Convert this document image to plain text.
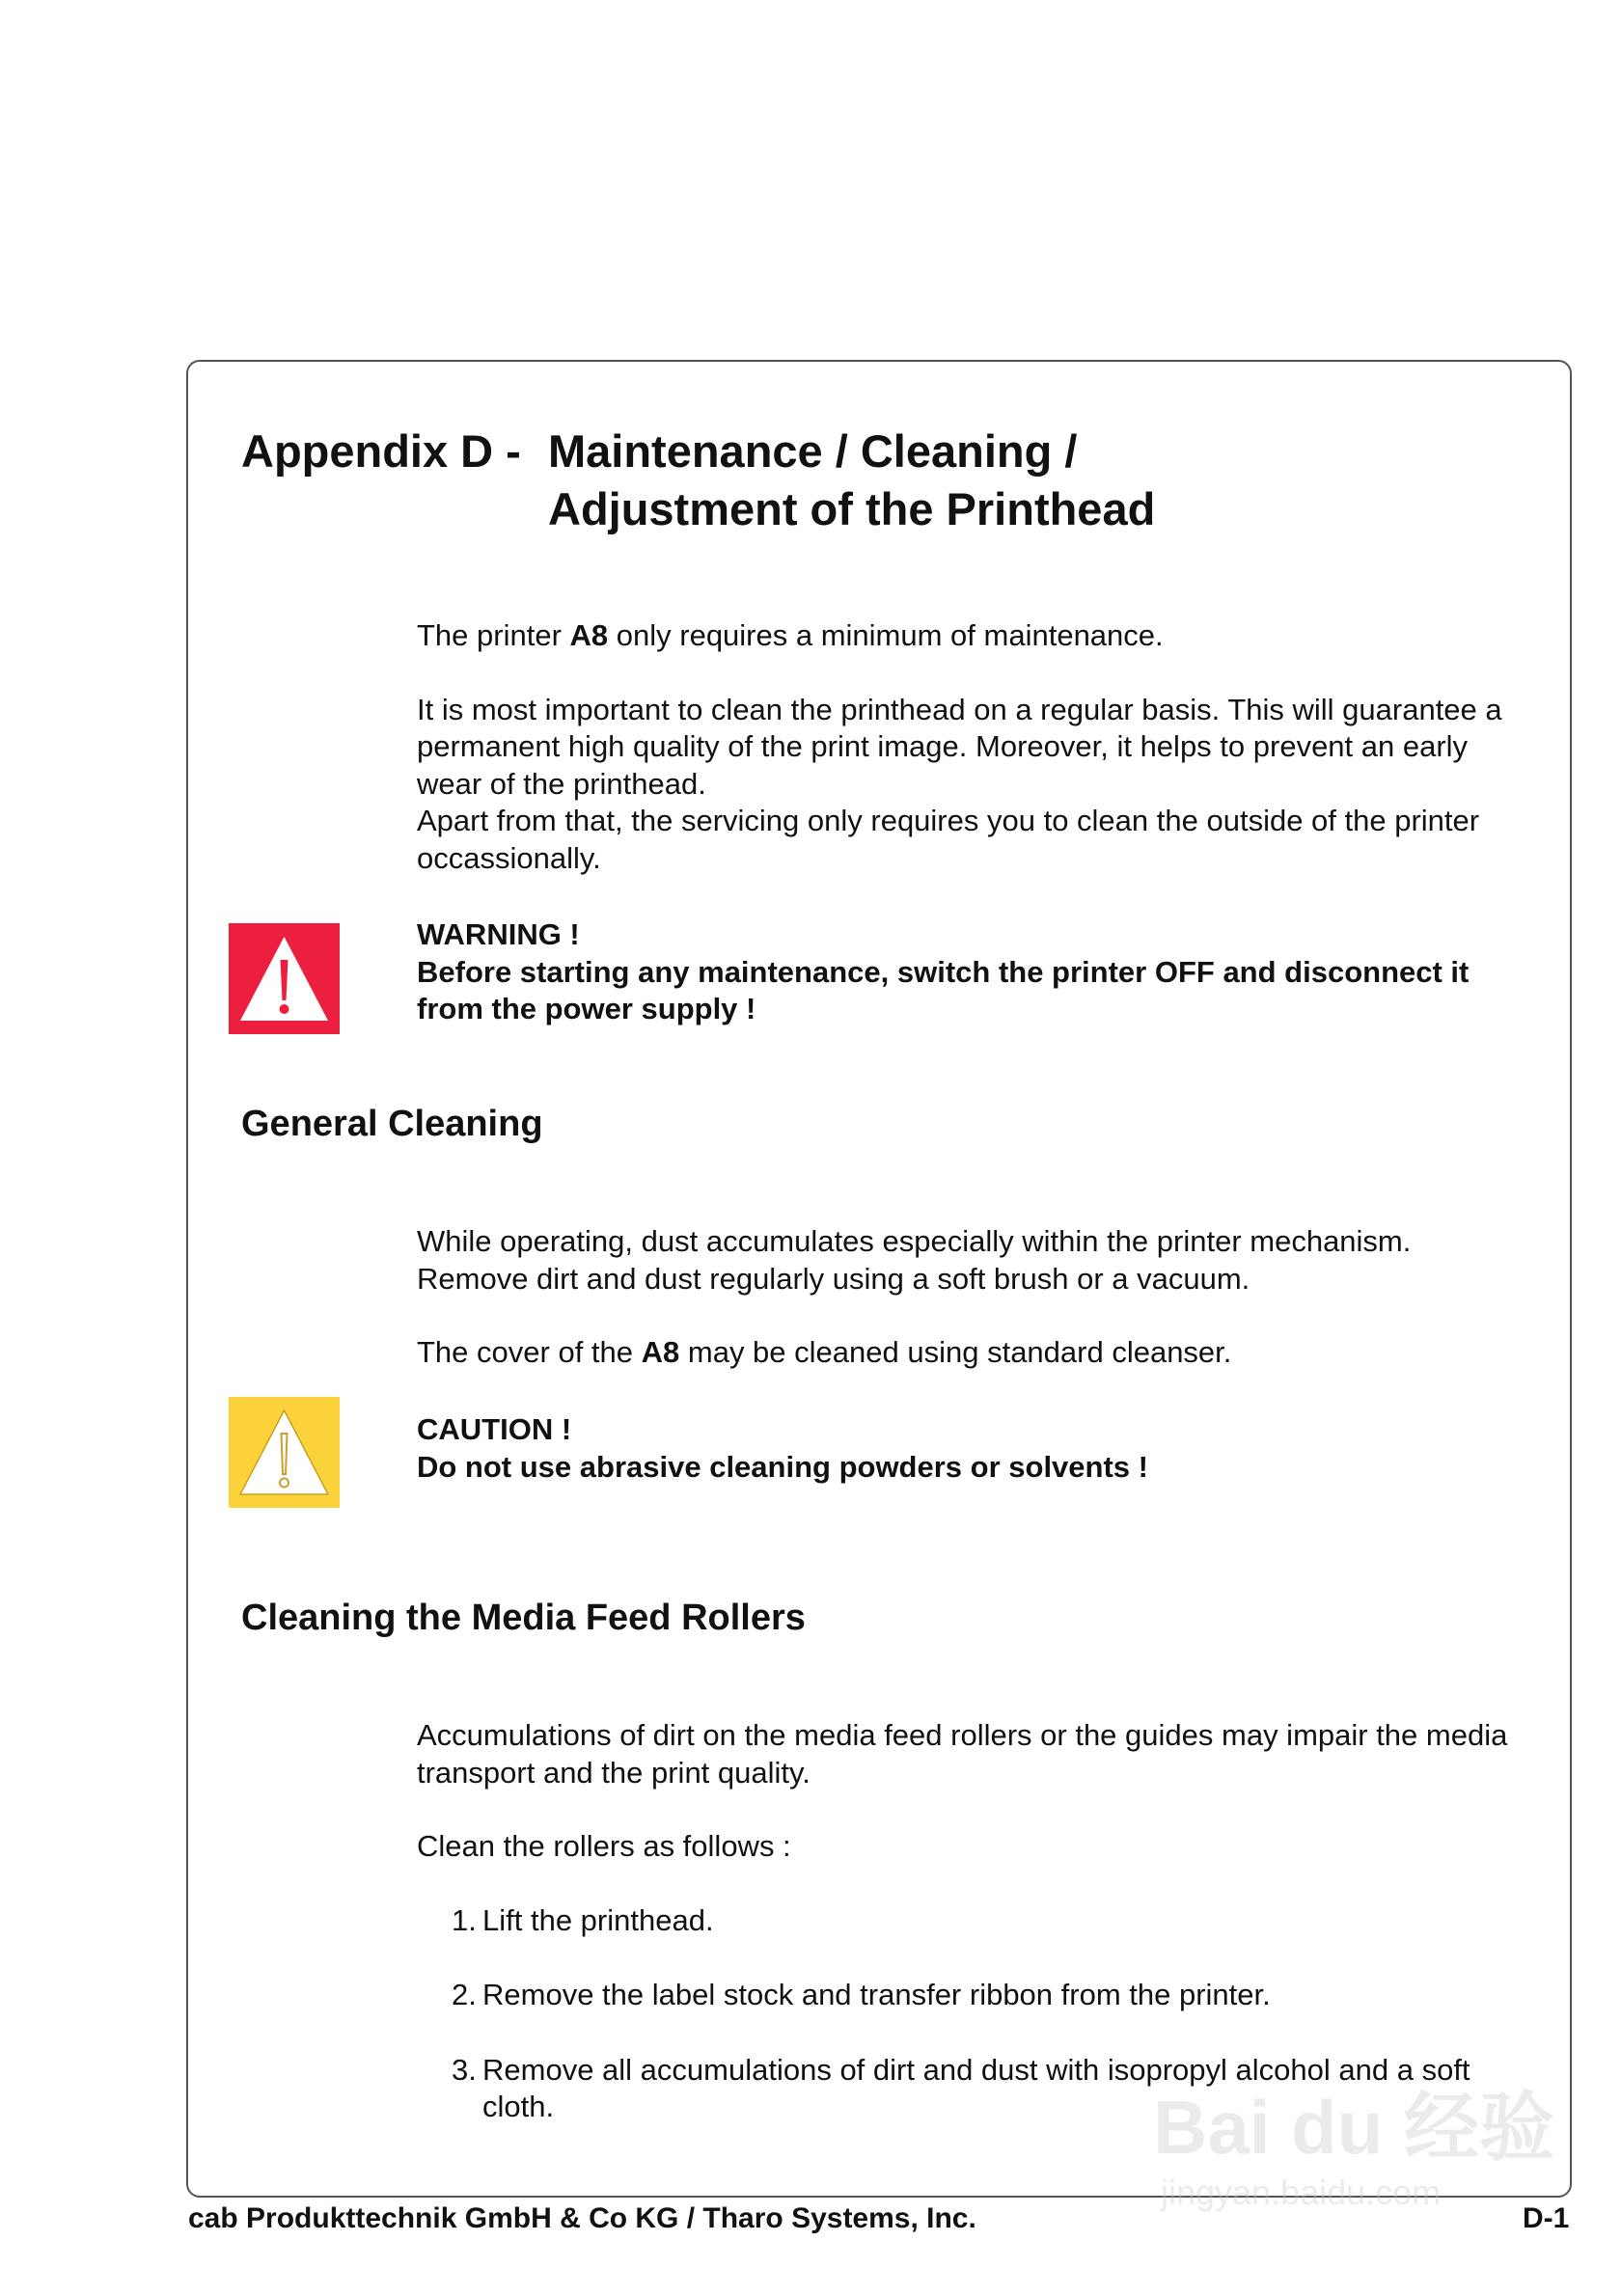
Appendix D - Maintenance / Cleaning /
Adjustment of the Printhead

The printer A8 only requires a minimum of maintenance.

It is most important to clean the printhead on a regular basis. This will guarantee a permanent high quality of the print image. Moreover, it helps to prevent an early wear of the printhead.

Apart from that, the servicing only requires you to clean the outside of the printer occassionally.

WARNING !

Before starting any maintenance, switch the printer OFF and disconnect it from the power supply !

General Cleaning

While operating, dust accumulates especially within the printer mechanism. Remove dirt and dust regularly using a soft brush or a vacuum.

The cover of the A8 may be cleaned using standard cleanser.

CAUTION !

Do not use abrasive cleaning powders or solvents !

Cleaning the Media Feed Rollers

Accumulations of dirt on the media feed rollers or the guides may impair the media transport and the print quality.

Clean the rollers as follows :

1. Lift the printhead.
2. Remove the label stock and transfer ribbon from the printer.
3. Remove all accumulations of dirt and dust with isopropyl alcohol and a soft cloth.	Bai du 经验
jingyan.baidu.com
cab Produkttechnik GmbH & Co KG / Tharo Systems, Inc.	D-1
